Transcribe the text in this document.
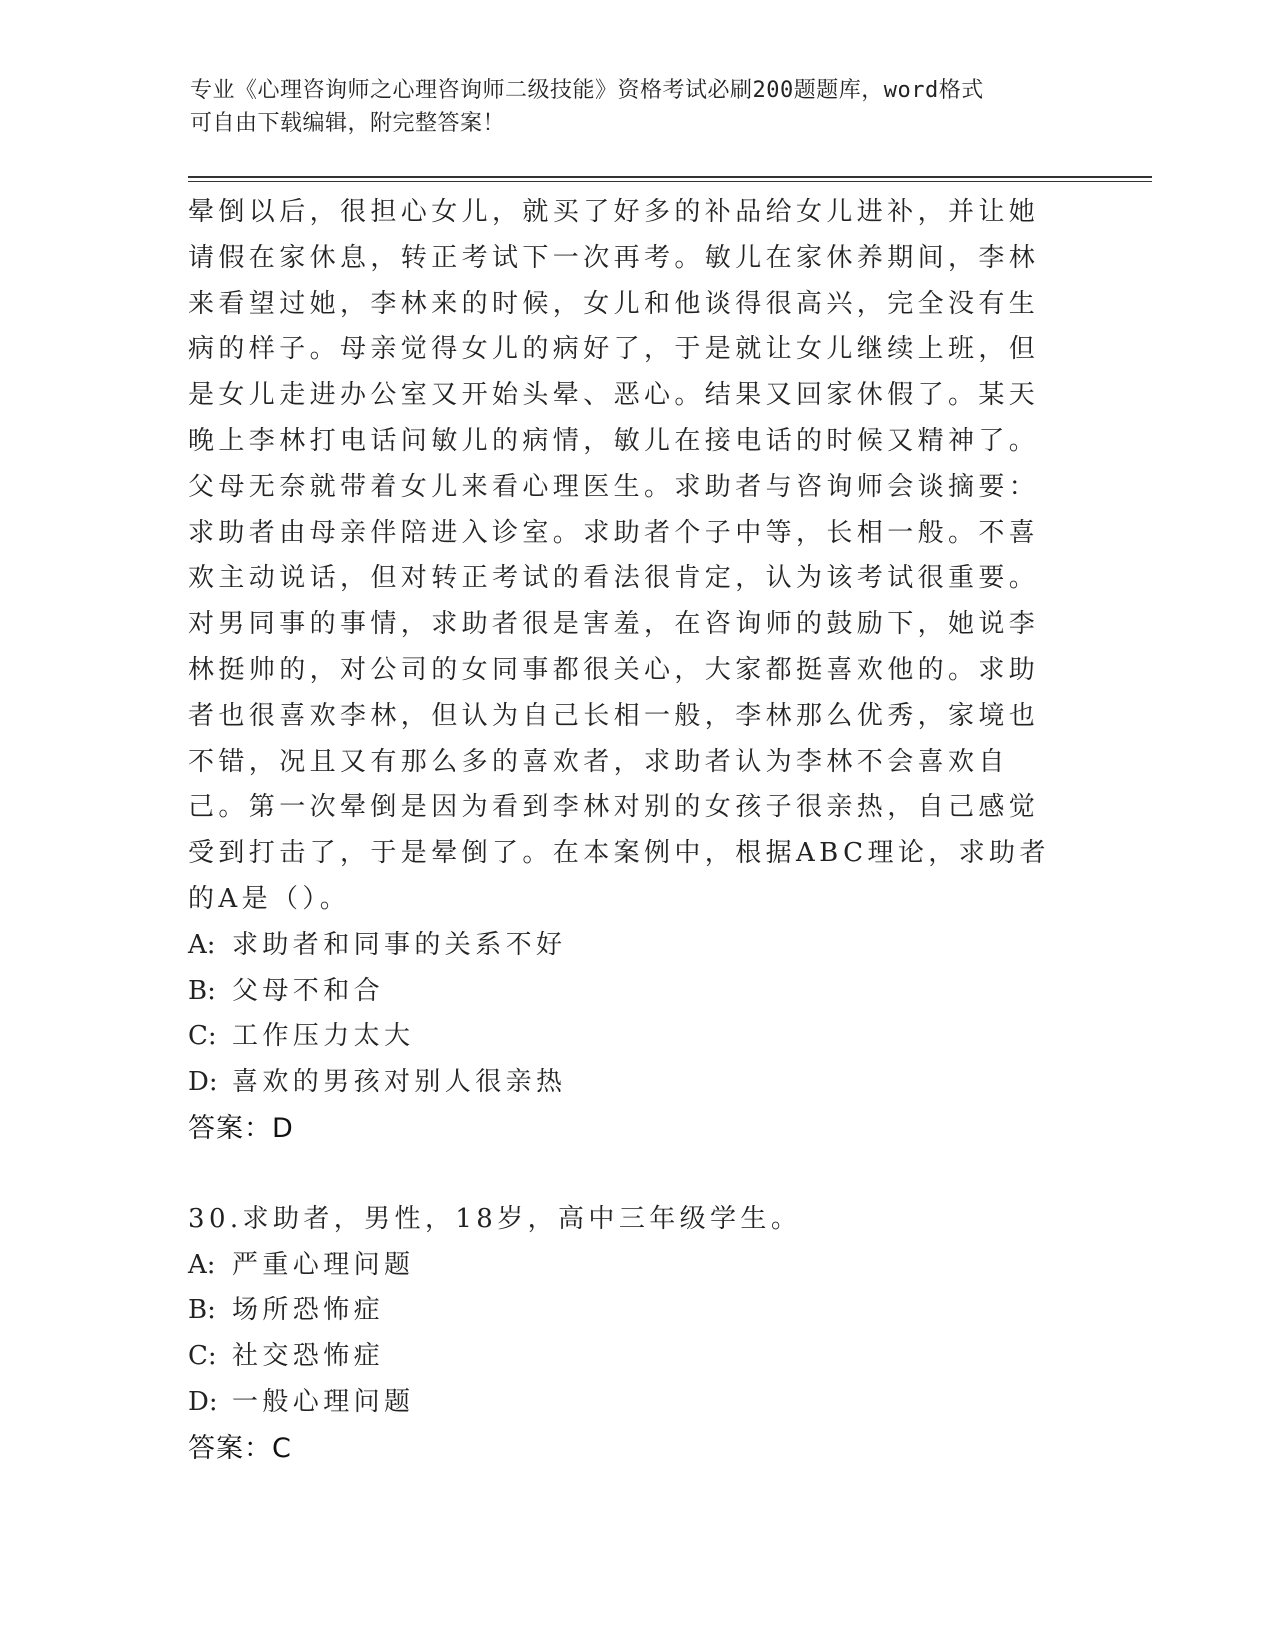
专业《心理咨询师之心理咨询师二级技能》资格考试必刷200题题库，word格式
可自由下载编辑，附完整答案！

晕倒以后，很担心女儿，就买了好多的补品给女儿进补，并让她请假在家休息，转正考试下一次再考。敏儿在家休养期间，李林来看望过她，李林来的时候，女儿和他谈得很高兴，完全没有生病的样子。母亲觉得女儿的病好了，于是就让女儿继续上班，但是女儿走进办公室又开始头晕、恶心。结果又回家休假了。某天晚上李林打电话问敏儿的病情，敏儿在接电话的时候又精神了。父母无奈就带着女儿来看心理医生。求助者与咨询师会谈摘要：求助者由母亲伴陪进入诊室。求助者个子中等，长相一般。不喜欢主动说话，但对转正考试的看法很肯定，认为该考试很重要。对男同事的事情，求助者很是害羞，在咨询师的鼓励下，她说李林挺帅的，对公司的女同事都很关心，大家都挺喜欢他的。求助者也很喜欢李林，但认为自己长相一般，李林那么优秀，家境也不错，况且又有那么多的喜欢者，求助者认为李林不会喜欢自己。第一次晕倒是因为看到李林对别的女孩子很亲热，自己感觉受到打击了，于是晕倒了。在本案例中，根据ABC理论，求助者的A是（）。

A: 求助者和同事的关系不好

B: 父母不和合

C: 工作压力太大

D: 喜欢的男孩对别人很亲热

答案：D

30.求助者，男性，18岁，高中三年级学生。

A: 严重心理问题

B: 场所恐怖症

C: 社交恐怖症

D: 一般心理问题

答案：C
